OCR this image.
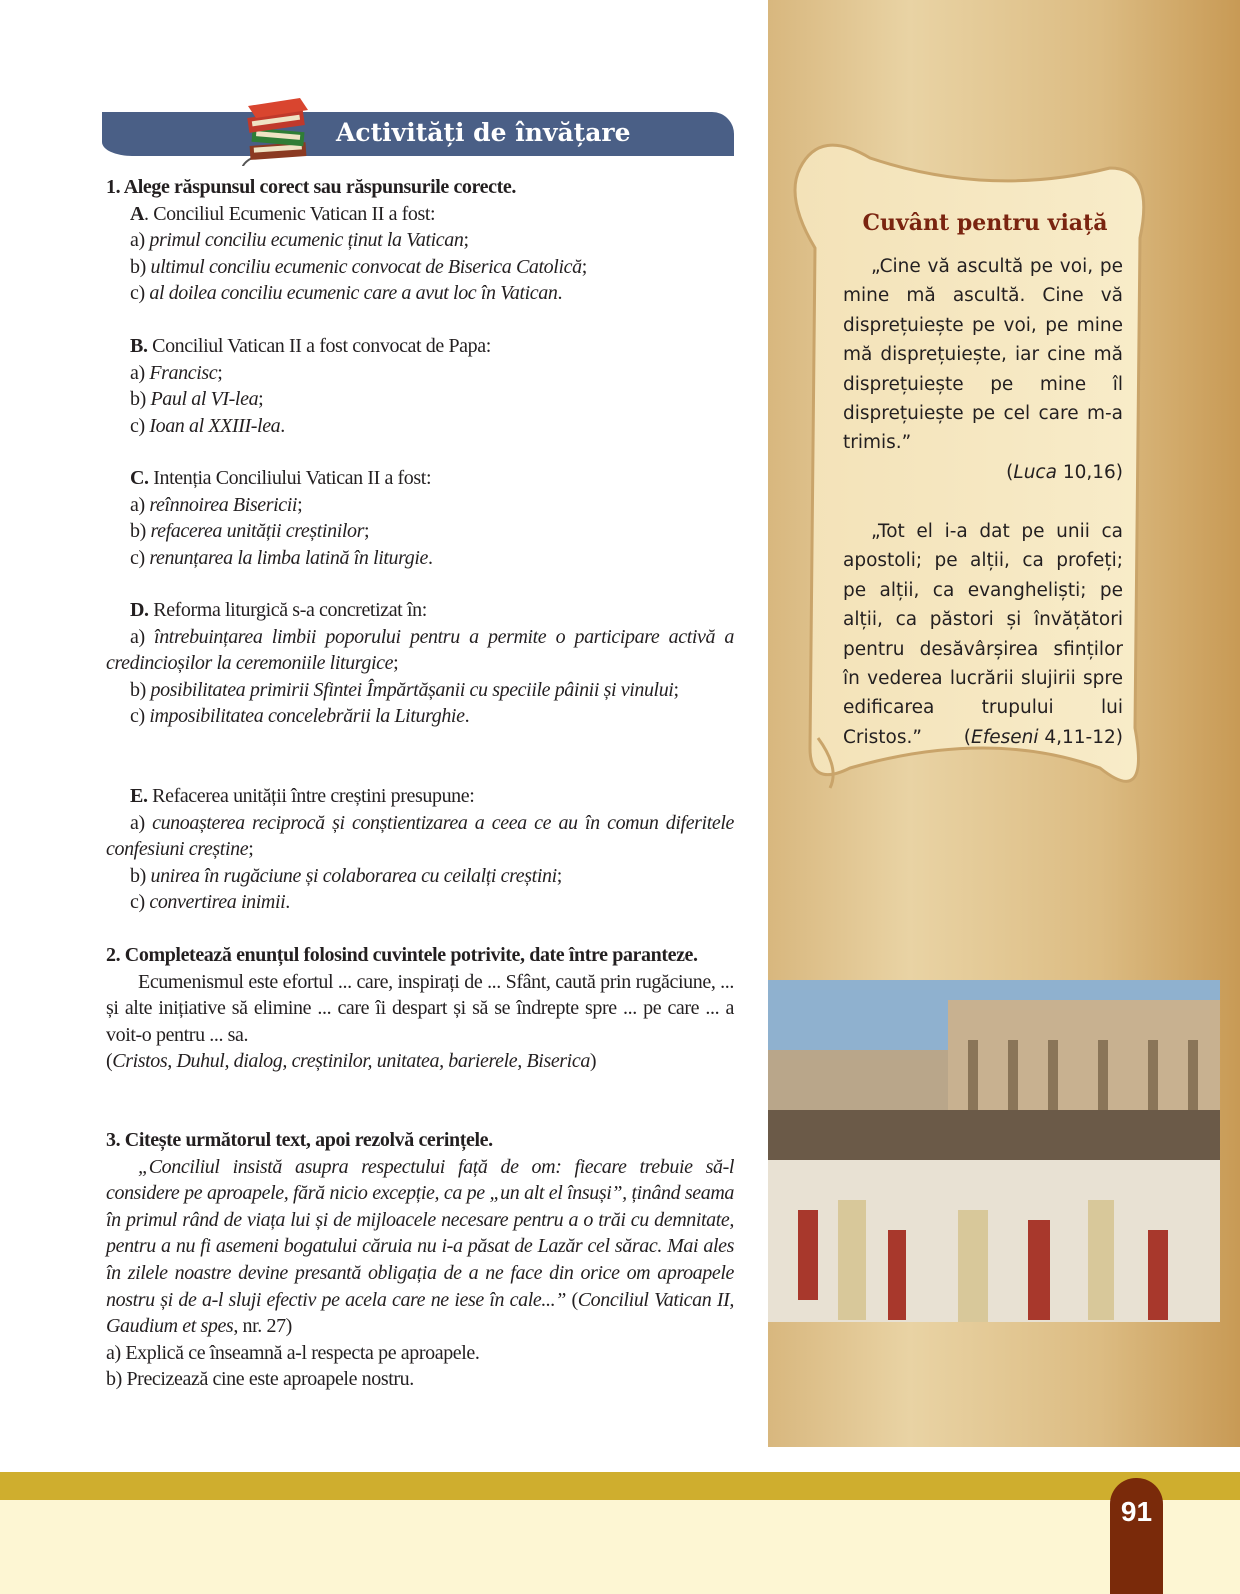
Activități de învățare
1. Alege răspunsul corect sau răspunsurile corecte.
A. Conciliul Ecumenic Vatican II a fost:
a) primul conciliu ecumenic ținut la Vatican;
b) ultimul conciliu ecumenic convocat de Biserica Catolică;
c) al doilea conciliu ecumenic care a avut loc în Vatican.
B. Conciliul Vatican II a fost convocat de Papa:
a) Francisc;
b) Paul al VI-lea;
c) Ioan al XXIII-lea.
C. Intenția Conciliului Vatican II a fost:
a) reînnoirea Bisericii;
b) refacerea unității creștinilor;
c) renunțarea la limba latină în liturgie.
D. Reforma liturgică s-a concretizat în:
a) întrebuințarea limbii poporului pentru a permite o participare activă a credincioșilor la ceremoniile liturgice;
b) posibilitatea primirii Sfintei Împărtășanii cu speciile pâinii și vinului;
c) imposibilitatea concelebrării la Liturghie.
E. Refacerea unității între creștini presupune:
a) cunoașterea reciprocă și conștientizarea a ceea ce au în comun diferitele confesiuni creștine;
b) unirea în rugăciune și colaborarea cu ceilalți creștini;
c) convertirea inimii.
2. Completează enunțul folosind cuvintele potrivite, date între paranteze.
Ecumenismul este efortul ... care, inspirați de ... Sfânt, caută prin rugăciune, ... și alte inițiative să elimine ... care îi despart și să se îndrepte spre ... pe care ... a voit-o pentru ... sa.
(Cristos, Duhul, dialog, creștinilor, unitatea, barierele, Biserica)
3. Citește următorul text, apoi rezolvă cerințele.
„Conciliul insistă asupra respectului față de om: fiecare trebuie să-l considere pe aproapele, fără nicio excepție, ca pe „un alt el însuși”, ținând seama în primul rând de viața lui și de mijloacele necesare pentru a o trăi cu demnitate, pentru a nu fi asemeni bogatului căruia nu i-a păsat de Lazăr cel sărac. Mai ales în zilele noastre devine presantă obligația de a ne face din orice om aproapele nostru și de a-l sluji efectiv pe acela care ne iese în cale...” (Conciliul Vatican II, Gaudium et spes, nr. 27)
a) Explică ce înseamnă a-l respecta pe aproapele.
b) Precizează cine este aproapele nostru.
Cuvânt pentru viață
„Cine vă ascultă pe voi, pe mine mă ascultă. Cine vă disprețuiește pe voi, pe mine mă disprețuiește, iar cine mă disprețuiește pe mine îl disprețuiește pe cel care m-a trimis.”
(Luca 10,16)
„Tot el i-a dat pe unii ca apostoli; pe alții, ca profeți; pe alții, ca evangheliști; pe alții, ca păstori și învățători pentru desăvârșirea sfinților în vederea lucrării slujirii spre edificarea trupului lui Cristos.”	(Efeseni 4,11-12)
91
